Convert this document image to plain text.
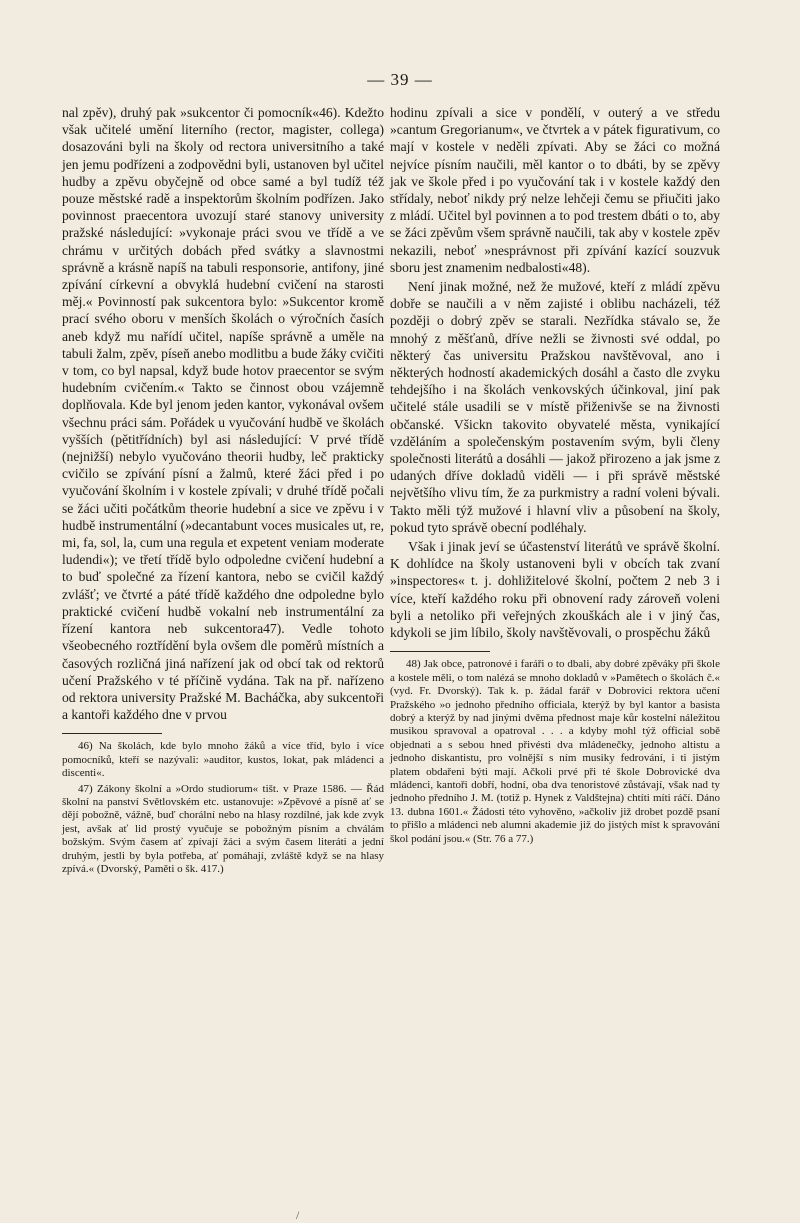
— 39 —

nal zpěv), druhý pak »sukcentor či pomocník«46). Kdežto však učitelé umění literního (rector, magister, collega) dosazováni byli na školy od rectora universitního a také jen jemu podřízeni a zodpovědni byli, ustanoven byl učitel hudby a zpěvu obyčejně od obce samé a byl tudíž též pouze městské radě a inspektorům školním podřízen. Jako povinnost praecentora uvozují staré stanovy university pražské následující: »vykonaje práci svou ve třídě a ve chrámu v určitých dobách před svátky a slavnostmi správně a krásně napíš na tabuli responsorie, antifony, jiné zpívání církevní a obvyklá hudební cvičení na starosti měj.« Povinností pak sukcentora bylo: »Sukcentor kromě prací svého oboru v menších školách o výročních časích aneb když mu nařídí učitel, napíše správně a uměle na tabuli žalm, zpěv, píseň anebo modlitbu a bude žáky cvičiti v tom, co byl napsal, když bude hotov praecentor se svým hudebním cvičením.« Takto se činnost obou vzájemně doplňovala. Kde byl jenom jeden kantor, vykonával ovšem všechnu práci sám. Pořádek u vyučování hudbě ve školách vyšších (pětitřídních) byl asi následující: V prvé třídě (nejnižší) nebylo vyučováno theorii hudby, leč prakticky cvičilo se zpívání písní a žalmů, které žáci před i po vyučování školním i v kostele zpívali; v druhé třídě počali se žáci učiti počátkům theorie hudební a sice ve zpěvu i v hudbě instrumentální (»decantabunt voces musicales ut, re, mi, fa, sol, la, cum una regula et expetent veniam moderate ludendi«); ve třetí třídě bylo odpoledne cvičení hudební a to buď společné za řízení kantora, nebo se cvičil každý zvlášť; ve čtvrté a páté třídě každého dne odpoledne bylo praktické cvičení hudbě vokalní neb instrumentální za řízení kantora neb sukcentora47). Vedle tohoto všeobecného roztřídění byla ovšem dle poměrů místních a časových rozličná jiná nařízení jak od obcí tak od rektorů učení Pražského v té příčině vydána. Tak na př. nařízeno od rektora university Pražské M. Bacháčka, aby sukcentoři a kantoři každého dne v prvou

46) Na školách, kde bylo mnoho žáků a více tříd, bylo i více pomocníků, kteří se nazývali: »auditor, kustos, lokat, pak mládenci a discenti«.

47) Zákony školní a »Ordo studiorum« tišt. v Praze 1586. — Řád školní na panství Světlovském etc. ustanovuje: »Zpěvové a písně ať se dějí pobožně, vážně, buď chorální nebo na hlasy rozdílné, jak kde zvyk jest, avšak ať lid prostý vyučuje se pobožným písním a chválám božským. Svým časem ať zpívají žáci a svým časem literáti a jední druhým, jestli by byla potřeba, ať pomáhají, zvláště když se na hlasy zpívá.« (Dvorský, Paměti o šk. 417.)

hodinu zpívali a sice v pondělí, v outerý a ve středu »cantum Gregorianum«, ve čtvrtek a v pátek figurativum, co mají v kostele v neděli zpívati. Aby se žáci co možná nejvíce písním naučili, měl kantor o to dbáti, by se zpěvy jak ve škole před i po vyučování tak i v kostele každý den střídaly, neboť nikdy prý nelze lehčeji čemu se přiučiti jako z mládí. Učitel byl povinnen a to pod trestem dbáti o to, aby se žáci zpěvům všem správně naučili, tak aby v kostele zpěv nekazili, neboť »nesprávnost při zpívání kazící souzvuk sboru jest znamenim nedbalosti«48).

Není jinak možné, než že mužové, kteří z mládí zpěvu dobře se naučili a v něm zajisté i oblibu nacházeli, též později o dobrý zpěv se starali. Nezřídka stávalo se, že mnohý z měšťanů, dříve nežli se živnosti své oddal, po některý čas universitu Pražskou navštěvoval, ano i některých hodností akademických dosáhl a často dle zvyku tehdejšího i na školách venkovských účinkoval, jiní pak učitelé stále usadili se v místě přiženivše se na živnosti občanské. Všickn takovito obyvatelé města, vynikající vzděláním a společenským postavením svým, byli členy společnosti literátů a dosáhli — jakož přirozeno a jak jsme z udaných dříve dokladů viděli — i při správě městské největšího vlivu tím, že za purkmistry a radní voleni bývali. Takto měli týž mužové i hlavní vliv a působení na školy, pokud tyto správě obecní podléhaly.

Však i jinak jeví se účastenství literátů ve správě školní. K dohlídce na školy ustanoveni byli v obcích tak zvaní »inspectores« t. j. dohližitelové školní, počtem 2 neb 3 i více, kteří každého roku při obnovení rady zároveň voleni byli a netoliko při veřejných zkouškách ale i v jiný čas, kdykoli se jim líbilo, školy navštěvovali, o prospěchu žáků

48) Jak obce, patronové i faráři o to dbali, aby dobré zpěváky při škole a kostele měli, o tom nalézá se mnoho dokladů v »Pamětech o školách č.« (vyd. Fr. Dvorský). Tak k. p. žádal farář v Dobrovici rektora učení Pražského »o jednoho předního officiala, kterýž by byl kantor a basista dobrý a kterýž by nad jinými dvěma přednost maje kůr kostelní náležitou musikou spravoval a opatroval . . . a kdyby mohl týž official sobě objednati a s sebou hned přivésti dva mládenečky, jednoho altistu a jednoho diskantistu, pro volnější s ním musiky fedrování, i ti jistým platem obdařeni býti mají. Ačkoli prvé při té škole Dobrovické dva mládenci, kantoři dobří, hodní, oba dva tenoristové zůstávají, však nad ty jednoho předního J. M. (totiž p. Hynek z Valdštejna) chtíti míti ráčí. Dáno 13. dubna 1601.« Žádosti této vyhověno, »ačkoliv již drobet pozdě psaní to přišlo a mládenci neb alumni akademie již do jistých míst k spravování škol podání jsou.« (Str. 76 a 77.)

/
